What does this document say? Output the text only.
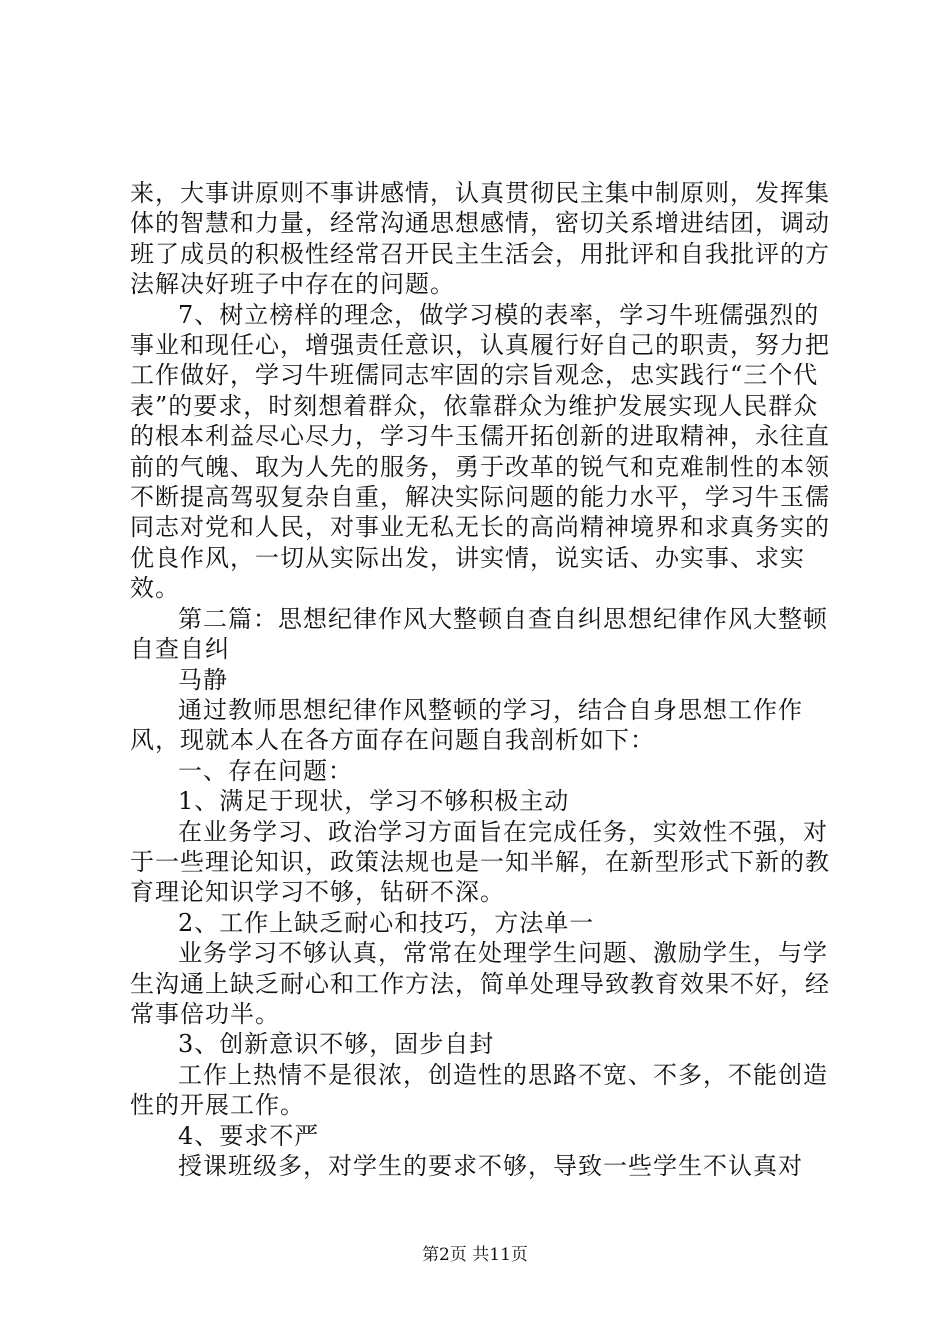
来，大事讲原则不事讲感情，认真贯彻民主集中制原则，发挥集体的智慧和力量，经常沟通思想感情，密切关系增进结团，调动班了成员的积极性经常召开民主生活会，用批评和自我批评的方法解决好班子中存在的问题。

7、树立榜样的理念，做学习模的表率，学习牛班儒强烈的事业和现任心，增强责任意识，认真履行好自己的职责，努力把工作做好，学习牛班儒同志牢固的宗旨观念，忠实践行“三个代表”的要求，时刻想着群众，依靠群众为维护发展实现人民群众的根本利益尽心尽力，学习牛玉儒开拓创新的进取精神，永往直前的气魄、取为人先的服务，勇于改革的锐气和克难制性的本领不断提高驾驭复杂自重，解决实际问题的能力水平，学习牛玉儒同志对党和人民，对事业无私无长的高尚精神境界和求真务实的优良作风，一切从实际出发，讲实情，说实话、办实事、求实效。

第二篇：思想纪律作风大整顿自查自纠思想纪律作风大整顿自查自纠

马静

通过教师思想纪律作风整顿的学习，结合自身思想工作作风，现就本人在各方面存在问题自我剖析如下：

一、存在问题：

1、满足于现状，学习不够积极主动

在业务学习、政治学习方面旨在完成任务，实效性不强，对于一些理论知识，政策法规也是一知半解，在新型形式下新的教育理论知识学习不够，钻研不深。

2、工作上缺乏耐心和技巧，方法单一

业务学习不够认真，常常在处理学生问题、激励学生，与学生沟通上缺乏耐心和工作方法，简单处理导致教育效果不好，经常事倍功半。

3、创新意识不够，固步自封

工作上热情不是很浓，创造性的思路不宽、不多，不能创造性的开展工作。

4、要求不严

授课班级多，对学生的要求不够，导致一些学生不认真对

第2页 共11页
